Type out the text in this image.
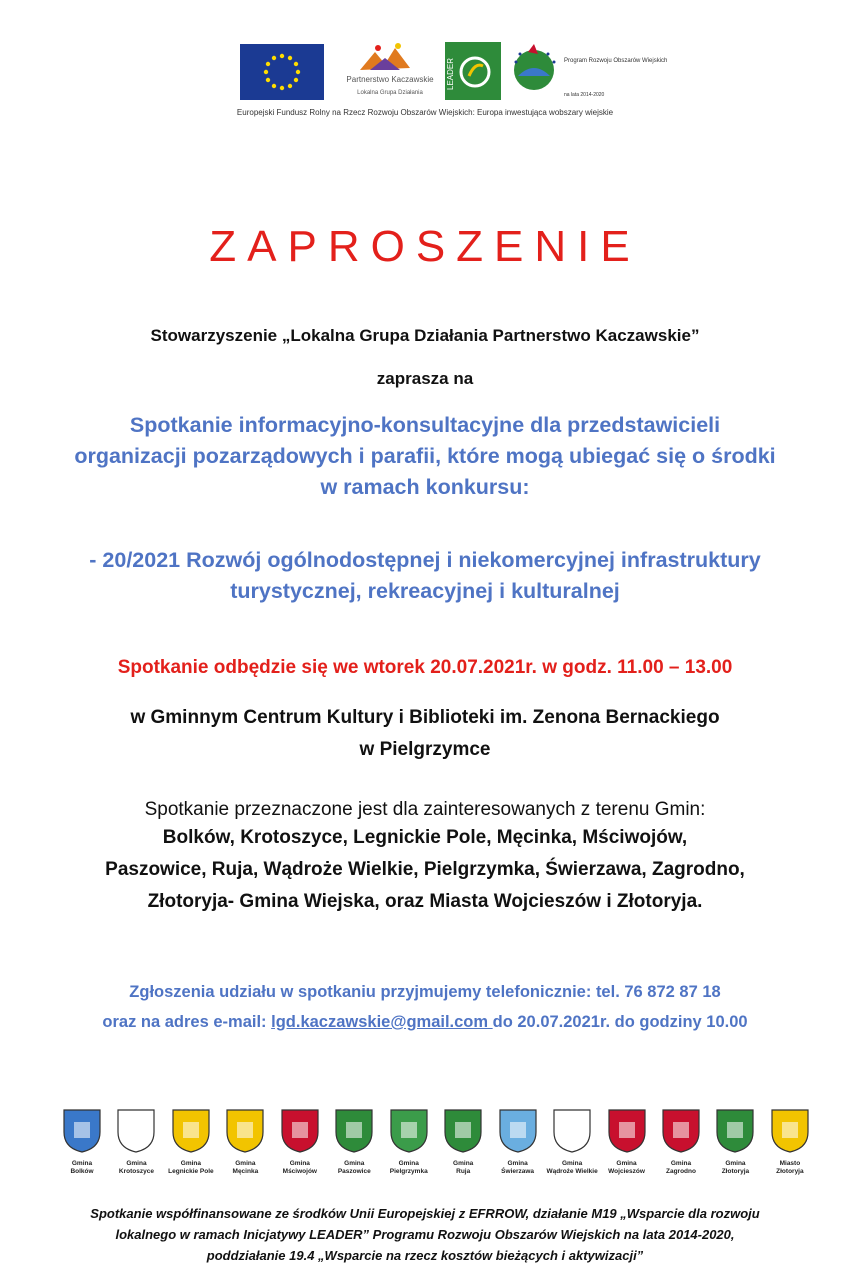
Partnerstwo Kaczawskie
Lokalna Grupa Działania
LEADER	Program Rozwoju Obszarów Wiejskich
na lata 2014-2020
Europejski Fundusz Rolny na Rzecz Rozwoju Obszarów Wiejskich: Europa inwestująca wobszary wiejskie
ZAPROSZENIE
Stowarzyszenie „Lokalna Grupa Działania Partnerstwo Kaczawskie”
zaprasza na
Spotkanie informacyjno-konsultacyjne dla przedstawicieli
organizacji pozarządowych i parafii, które mogą ubiegać się o środki
w ramach konkursu:
- 20/2021 Rozwój ogólnodostępnej i niekomercyjnej infrastruktury
turystycznej, rekreacyjnej i kulturalnej
Spotkanie odbędzie się we wtorek 20.07.2021r. w godz. 11.00 – 13.00
w Gminnym Centrum Kultury i Biblioteki im. Zenona Bernackiego
w Pielgrzymce
Spotkanie przeznaczone jest dla zainteresowanych z terenu Gmin:
Bolków, Krotoszyce, Legnickie Pole, Męcinka, Mściwojów,
Paszowice, Ruja, Wądroże Wielkie, Pielgrzymka, Świerzawa, Zagrodno,
Złotoryja- Gmina Wiejska, oraz Miasta Wojcieszów i Złotoryja.
Zgłoszenia udziału w spotkaniu przyjmujemy telefonicznie: tel. 76 872 87 18
oraz na adres e-mail: lgd.kaczawskie@gmail.com do 20.07.2021r. do godziny 10.00
Gmina
Bolków
Gmina
Krotoszyce
Gmina
Legnickie Pole
Gmina
Męcinka
Gmina
Mściwojów
Gmina
Paszowice
Gmina
Pielgrzymka
Gmina
Ruja
Gmina
Świerzawa
Gmina
Wądroże Wielkie
Gmina
Wojcieszów
Gmina
Zagrodno
Gmina
Złotoryja
Miasto
Złotoryja
Spotkanie współfinansowane ze środków Unii Europejskiej z EFRROW, działanie M19 „Wsparcie dla rozwoju
lokalnego w ramach Inicjatywy LEADER” Programu Rozwoju Obszarów Wiejskich na lata 2014-2020,
poddziałanie 19.4 „Wsparcie na rzecz kosztów bieżących i aktywizacji”
